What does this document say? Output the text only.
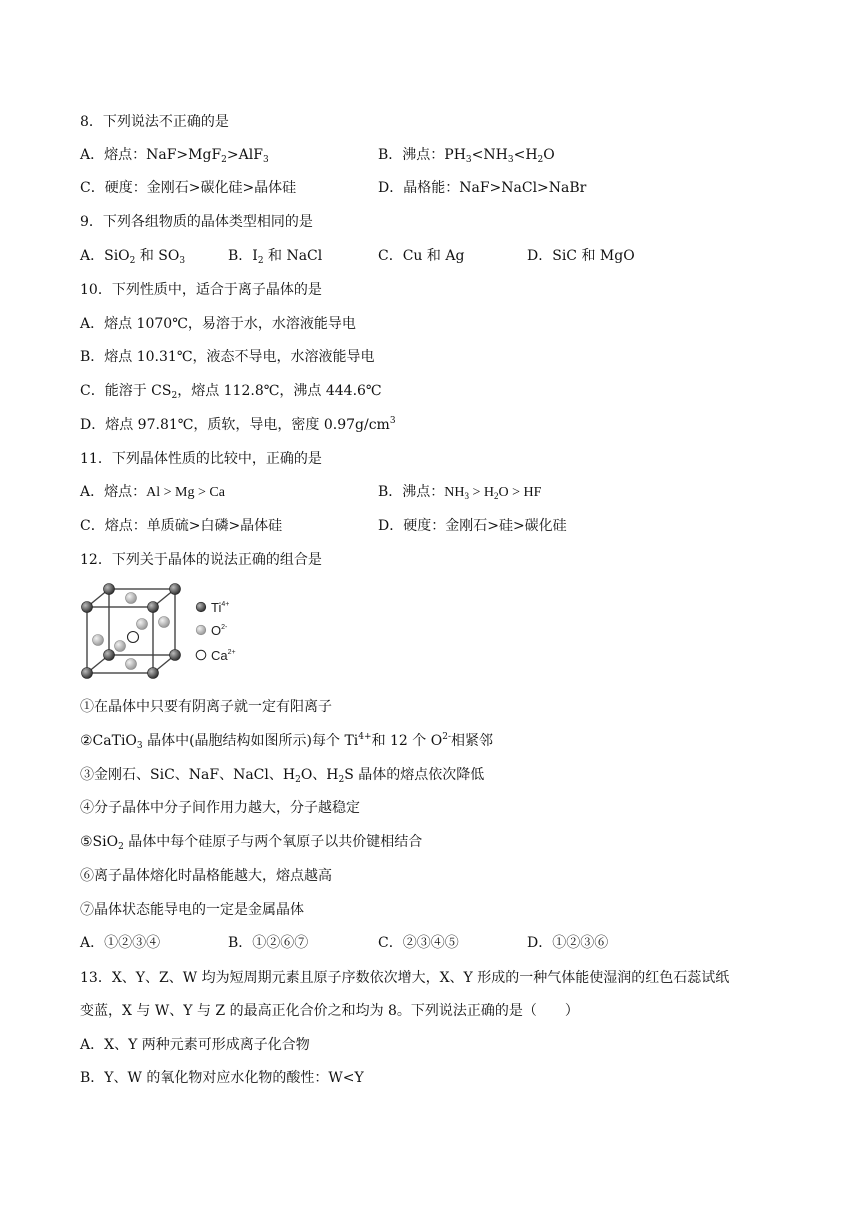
8．下列说法不正确的是
A．熔点：NaF>MgF$_2$>AlF$_3$	B．沸点：$PH_3<NH_3<H_2O$
C．硬度：金刚石>碳化硅>晶体硅	D．晶格能：NaF>NaCl>NaBr
9．下列各组物质的晶体类型相同的是
A．SiO$_2$ 和 $SO_3$	B．$I_2$ 和 NaCl	C．Cu 和 Ag	D．SiC 和 MgO
10．下列性质中，适合于离子晶体的是
A．熔点 1070℃，易溶于水，水溶液能导电
B．熔点 10.31℃，液态不导电，水溶液能导电
C．能溶于 $CS_2$，熔点 112.8℃，沸点 444.6℃
D．熔点 97.81℃，质软，导电，密度 $0.97g/cm^3$
11．下列晶体性质的比较中，正确的是
A．熔点：Al > Mg > Ca	B．沸点：$NH_3 > H_2O$ > HF
C．熔点：单质硫>白磷>晶体硅	D．硬度：金刚石>硅>碳化硅
12．下列关于晶体的说法正确的组合是
$Ti^{4+}$
$O^{2-}$
$Ca^{2+}$
①在晶体中只要有阴离子就一定有阳离子
②CaTiO$_3$ 晶体中(晶胞结构如图所示)每个 $Ti^{4+}$和 12 个 $O^{2-}$相紧邻
③金刚石、SiC、NaF、NaCl、$H_2O$、$H_2S$ 晶体的熔点依次降低
④分子晶体中分子间作用力越大，分子越稳定
⑤SiO$_2$ 晶体中每个硅原子与两个氧原子以共价键相结合
⑥离子晶体熔化时晶格能越大，熔点越高
⑦晶体状态能导电的一定是金属晶体
A．①②③④	B．①②⑥⑦	C．②③④⑤	D．①②③⑥
13．X、Y、Z、W 均为短周期元素且原子序数依次增大，X、Y 形成的一种气体能使湿润的红色石蕊试纸
变蓝，X 与 W、Y 与 Z 的最高正化合价之和均为 8。下列说法正确的是（　　）
A．X、Y 两种元素可形成离子化合物
B．Y、W 的氧化物对应水化物的酸性：W<Y
